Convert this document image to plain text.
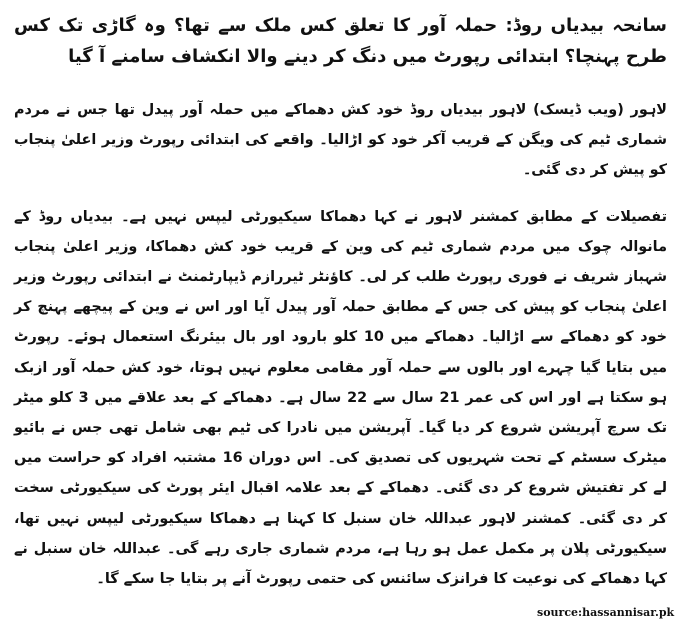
سانحہ بیدیاں روڈ: حملہ آور کا تعلق کس ملک سے تھا؟ وہ گاڑی تک کس طرح پہنچا؟ ابتدائی رپورٹ میں دنگ کر دینے والا انکشاف سامنے آ گیا

لاہور (ویب ڈیسک) لاہور بیدیاں روڈ خود کش دھماکے میں حملہ آور پیدل تھا جس نے مردم شماری ٹیم کی ویگن کے قریب آکر خود کو اڑالیا۔ واقعے کی ابتدائی رپورٹ وزیر اعلیٰ پنجاب کو پیش کر دی گئی۔

تفصیلات کے مطابق کمشنر لاہور نے کہا دھماکا سیکیورٹی لیپس نہیں ہے۔ بیدیاں روڈ کے مانوالہ چوک میں مردم شماری ٹیم کی وین کے قریب خود کش دھماکا، وزیر اعلیٰ پنجاب شہباز شریف نے فوری رپورٹ طلب کر لی۔ کاؤنٹر ٹیررازم ڈیپارٹمنٹ نے ابتدائی رپورٹ وزیر اعلیٰ پنجاب کو پیش کی جس کے مطابق حملہ آور پیدل آیا اور اس نے وین کے پیچھے پہنچ کر خود کو دھماکے سے اڑالیا۔ دھماکے میں 10 کلو بارود اور بال بیئرنگ استعمال ہوئے۔ رپورٹ میں بتایا گیا چہرے اور بالوں سے حملہ آور مقامی معلوم نہیں ہوتا، خود کش حملہ آور ازبک ہو سکتا ہے اور اس کی عمر 21 سال سے 22 سال ہے۔ دھماکے کے بعد علاقے میں 3 کلو میٹر تک سرچ آپریشن شروع کر دیا گیا۔ آپریشن میں نادرا کی ٹیم بھی شامل تھی جس نے بائیو میٹرک سسٹم کے تحت شہریوں کی تصدیق کی۔ اس دوران 16 مشتبہ افراد کو حراست میں لے کر تفتیش شروع کر دی گئی۔ دھماکے کے بعد علامہ اقبال ایئر پورٹ کی سیکیورٹی سخت کر دی گئی۔ کمشنر لاہور عبداللہ خان سنبل کا کہنا ہے دھماکا سیکیورٹی لیپس نہیں تھا، سیکیورٹی پلان پر مکمل عمل ہو رہا ہے، مردم شماری جاری رہے گی۔ عبداللہ خان سنبل نے کہا دھماکے کی نوعیت کا فرانزک سائنس کی حتمی رپورٹ آنے پر بتایا جا سکے گا۔

source:hassannisar.pk
